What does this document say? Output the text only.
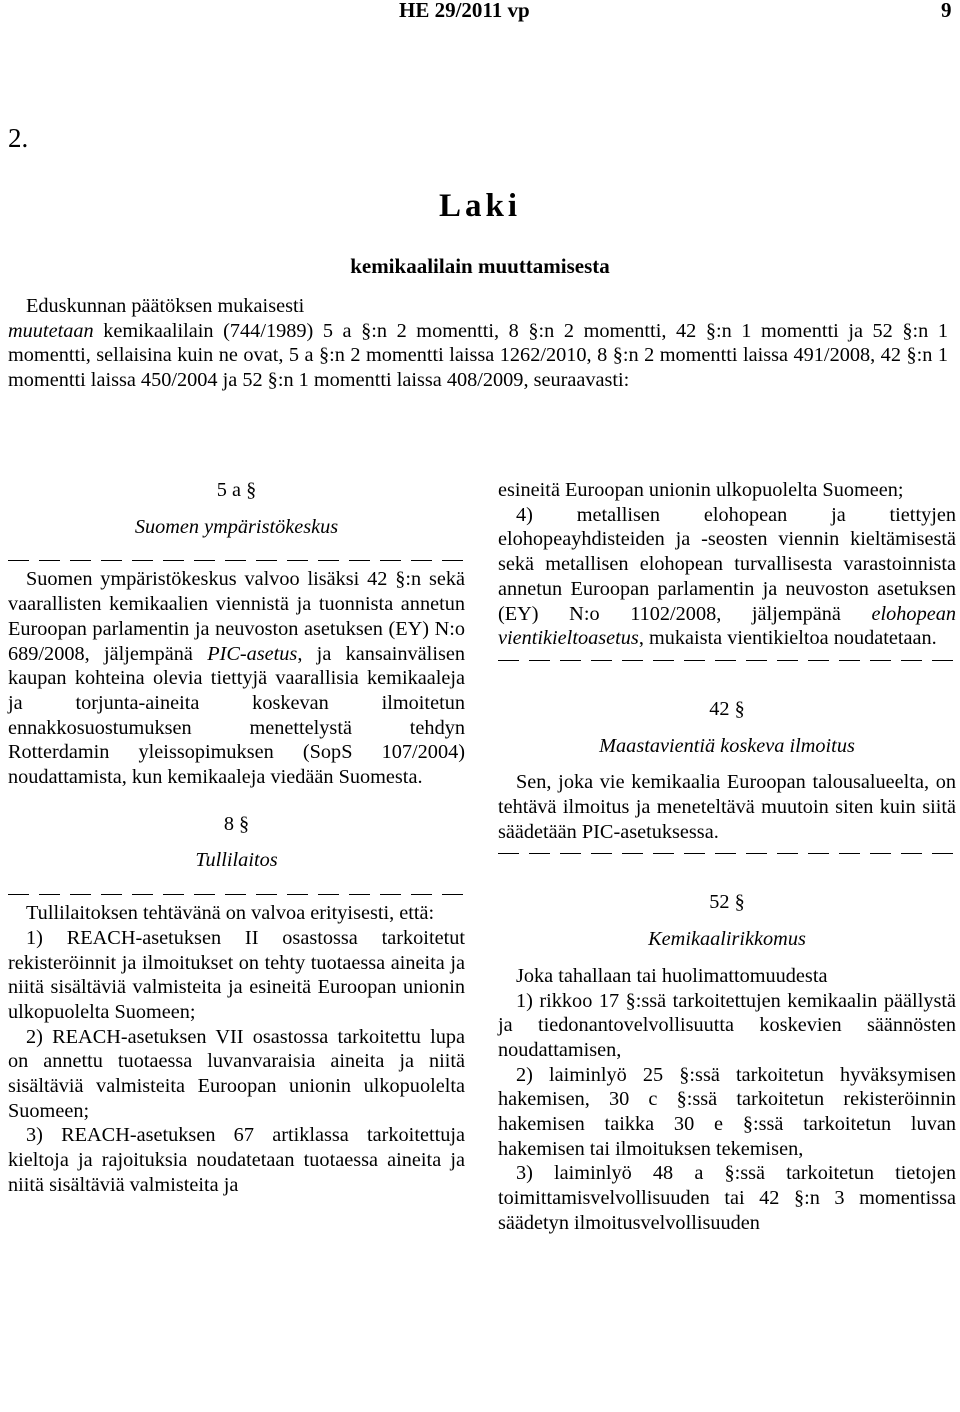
HE 29/2011 vp	9
2.
Laki
kemikaalilain muuttamisesta

Eduskunnan päätöksen mukaisesti

muutetaan kemikaalilain (744/1989) 5 a §:n 2 momentti, 8 §:n 2 momentti, 42 §:n 1 momentti ja 52 §:n 1 momentti, sellaisina kuin ne ovat, 5 a §:n 2 momentti laissa 1262/2010, 8 §:n 2 momentti laissa 491/2008, 42 §:n 1 momentti laissa 450/2004 ja 52 §:n 1 momentti laissa 408/2009, seuraavasti:

5 a §

Suomen ympäristökeskus

Suomen ympäristökeskus valvoo lisäksi 42 §:n sekä vaarallisten kemikaalien viennistä ja tuonnista annetun Euroopan parlamentin ja neuvoston asetuksen (EY) N:o 689/2008, jäljempänä PIC-asetus, ja kansainvälisen kaupan kohteina olevia tiettyjä vaarallisia kemikaaleja ja torjunta-aineita koskevan ilmoitetun ennakkosuostumuksen menettelystä tehdyn Rotterdamin yleissopimuksen (SopS 107/2004) noudattamista, kun kemikaaleja viedään Suomesta.

8 §

Tullilaitos

Tullilaitoksen tehtävänä on valvoa erityisesti, että:

1) REACH-asetuksen II osastossa tarkoitetut rekisteröinnit ja ilmoitukset on tehty tuotaessa aineita ja niitä sisältäviä valmisteita ja esineitä Euroopan unionin ulkopuolelta Suomeen;

2) REACH-asetuksen VII osastossa tarkoitettu lupa on annettu tuotaessa luvanvaraisia aineita ja niitä sisältäviä valmisteita Euroopan unionin ulkopuolelta Suomeen;

3) REACH-asetuksen 67 artiklassa tarkoitettuja kieltoja ja rajoituksia noudatetaan tuotaessa aineita ja niitä sisältäviä valmisteita ja

esineitä Euroopan unionin ulkopuolelta Suomeen;

4) metallisen elohopean ja tiettyjen elohopeayhdisteiden ja -seosten viennin kieltämisestä sekä metallisen elohopean turvallisesta varastoinnista annetun Euroopan parlamentin ja neuvoston asetuksen (EY) N:o 1102/2008, jäljempänä elohopean vientikieltoasetus, mukaista vientikieltoa noudatetaan.

42 §

Maastavientiä koskeva ilmoitus

Sen, joka vie kemikaalia Euroopan talousalueelta, on tehtävä ilmoitus ja meneteltävä muutoin siten kuin siitä säädetään PIC-asetuksessa.

52 §

Kemikaalirikkomus

Joka tahallaan tai huolimattomuudesta

1) rikkoo 17 §:ssä tarkoitettujen kemikaalin päällystä ja tiedonantovelvollisuutta koskevien säännösten noudattamisen,

2) laiminlyö 25 §:ssä tarkoitetun hyväksymisen hakemisen, 30 c §:ssä tarkoitetun rekisteröinnin hakemisen taikka 30 e §:ssä tarkoitetun luvan hakemisen tai ilmoituksen tekemisen,

3) laiminlyö 48 a §:ssä tarkoitetun tietojen toimittamisvelvollisuuden tai 42 §:n 3 momentissa säädetyn ilmoitusvelvollisuuden
